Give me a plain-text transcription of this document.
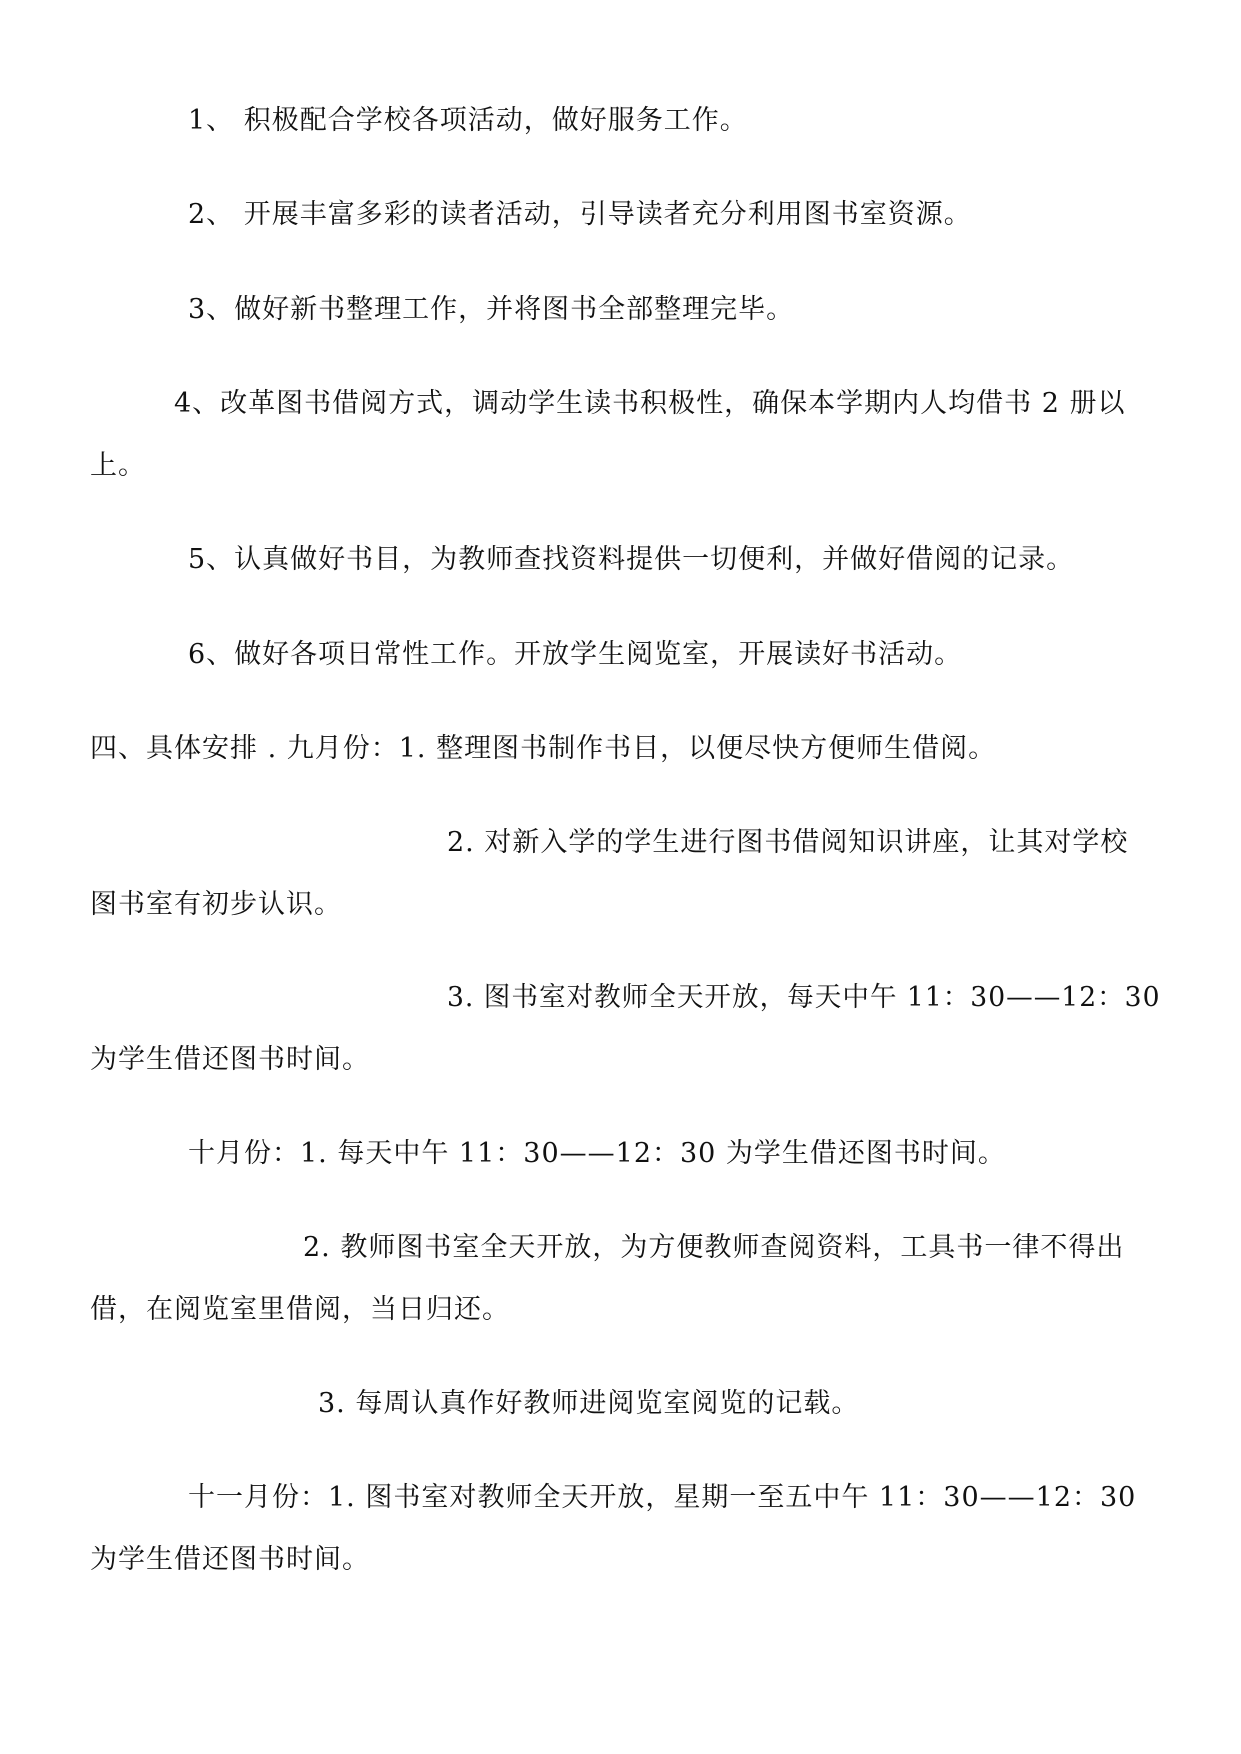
1、 积极配合学校各项活动，做好服务工作。
2、 开展丰富多彩的读者活动，引导读者充分利用图书室资源。
3、做好新书整理工作，并将图书全部整理完毕。
4、改革图书借阅方式，调动学生读书积极性，确保本学期内人均借书 2 册以
上。
5、认真做好书目，为教师查找资料提供一切便利，并做好借阅的记录。
6、做好各项日常性工作。开放学生阅览室，开展读好书活动。
四、具体安排 . 九月份：1. 整理图书制作书目，以便尽快方便师生借阅。
2. 对新入学的学生进行图书借阅知识讲座，让其对学校
图书室有初步认识。
3. 图书室对教师全天开放，每天中午 11：30——12：30
为学生借还图书时间。
十月份：1. 每天中午 11：30——12：30 为学生借还图书时间。
2. 教师图书室全天开放，为方便教师查阅资料，工具书一律不得出
借，在阅览室里借阅，当日归还。
3. 每周认真作好教师进阅览室阅览的记载。
十一月份：1. 图书室对教师全天开放，星期一至五中午 11：30——12：30
为学生借还图书时间。
